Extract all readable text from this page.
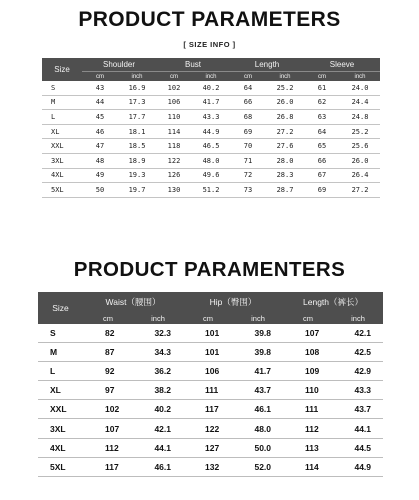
PRODUCT PARAMETERS
[ SIZE INFO ]
Size	Shoulder		Bust		Length		Sleeve	
	cm	inch	cm	inch	cm	inch	cm	inch
S	43	16.9	102	40.2	64	25.2	61	24.0
M	44	17.3	106	41.7	66	26.0	62	24.4
L	45	17.7	110	43.3	68	26.8	63	24.8
XL	46	18.1	114	44.9	69	27.2	64	25.2
XXL	47	18.5	118	46.5	70	27.6	65	25.6
3XL	48	18.9	122	48.0	71	28.0	66	26.0
4XL	49	19.3	126	49.6	72	28.3	67	26.4
5XL	50	19.7	130	51.2	73	28.7	69	27.2
PRODUCT PARAMENTERS
Size	Waist（腰围）		Hip（臀围）		Length（裤长）	
	cm	inch	cm	inch	cm	inch
S	82	32.3	101	39.8	107	42.1
M	87	34.3	101	39.8	108	42.5
L	92	36.2	106	41.7	109	42.9
XL	97	38.2	111	43.7	110	43.3
XXL	102	40.2	117	46.1	111	43.7
3XL	107	42.1	122	48.0	112	44.1
4XL	112	44.1	127	50.0	113	44.5
5XL	117	46.1	132	52.0	114	44.9
